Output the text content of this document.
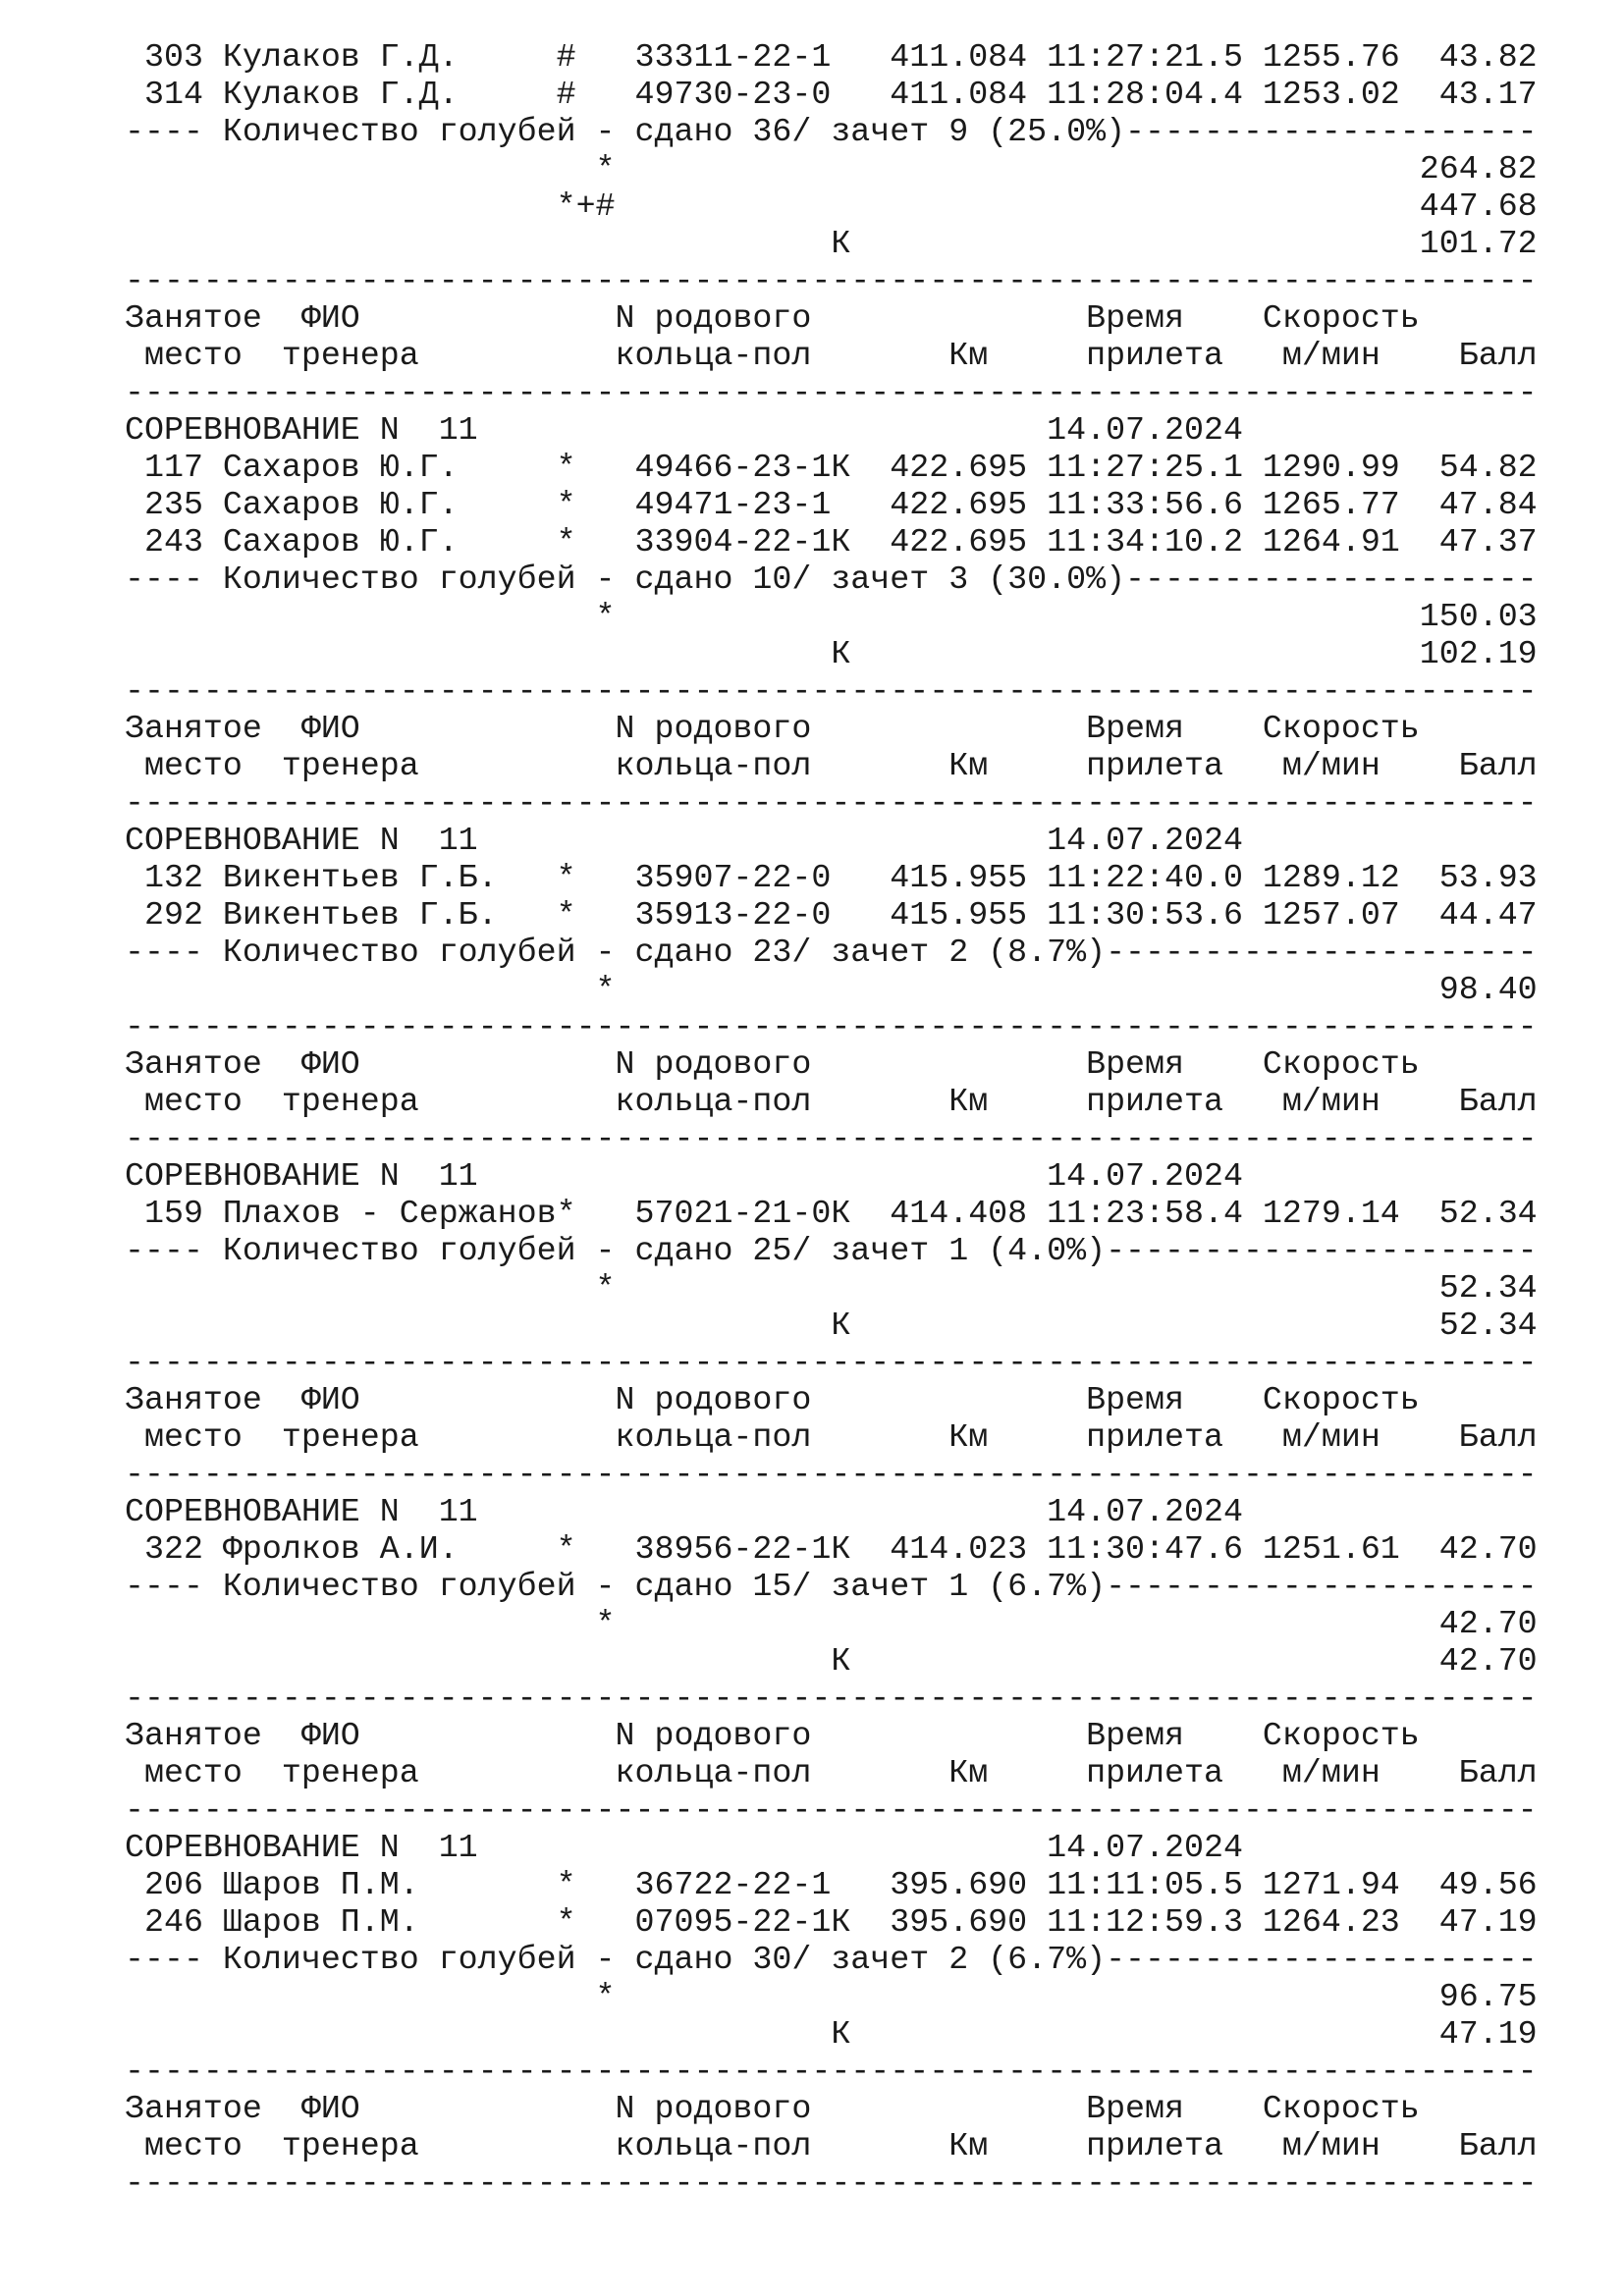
303 Кулаков Г.Д.     #   33311-22-1   411.084 11:27:21.5 1255.76  43.82
314 Кулаков Г.Д.     #   49730-23-0   411.084 11:28:04.4 1253.02  43.17
---- Количество голубей - сдано 36/ зачет 9 (25.0%)---------------------
*                                         264.82
*+#                                         447.68
К                             101.72
------------------------------------------------------------------------
Занятое  ФИО             N родового              Время    Скорость
место  тренера          кольца-пол       Км     прилета   м/мин    Балл
------------------------------------------------------------------------
СОРЕВНОВАНИЕ N  11                             14.07.2024
117 Сахаров Ю.Г.     *   49466-23-1К  422.695 11:27:25.1 1290.99  54.82
235 Сахаров Ю.Г.     *   49471-23-1   422.695 11:33:56.6 1265.77  47.84
243 Сахаров Ю.Г.     *   33904-22-1К  422.695 11:34:10.2 1264.91  47.37
---- Количество голубей - сдано 10/ зачет 3 (30.0%)---------------------
*                                         150.03
К                             102.19
------------------------------------------------------------------------
Занятое  ФИО             N родового              Время    Скорость
место  тренера          кольца-пол       Км     прилета   м/мин    Балл
------------------------------------------------------------------------
СОРЕВНОВАНИЕ N  11                             14.07.2024
132 Викентьев Г.Б.   *   35907-22-0   415.955 11:22:40.0 1289.12  53.93
292 Викентьев Г.Б.   *   35913-22-0   415.955 11:30:53.6 1257.07  44.47
---- Количество голубей - сдано 23/ зачет 2 (8.7%)----------------------
*                                          98.40
------------------------------------------------------------------------
Занятое  ФИО             N родового              Время    Скорость
место  тренера          кольца-пол       Км     прилета   м/мин    Балл
------------------------------------------------------------------------
СОРЕВНОВАНИЕ N  11                             14.07.2024
159 Плахов - Сержанов*   57021-21-0К  414.408 11:23:58.4 1279.14  52.34
---- Количество голубей - сдано 25/ зачет 1 (4.0%)----------------------
*                                          52.34
К                              52.34
------------------------------------------------------------------------
Занятое  ФИО             N родового              Время    Скорость
место  тренера          кольца-пол       Км     прилета   м/мин    Балл
------------------------------------------------------------------------
СОРЕВНОВАНИЕ N  11                             14.07.2024
322 Фролков А.И.     *   38956-22-1К  414.023 11:30:47.6 1251.61  42.70
---- Количество голубей - сдано 15/ зачет 1 (6.7%)----------------------
*                                          42.70
К                              42.70
------------------------------------------------------------------------
Занятое  ФИО             N родового              Время    Скорость
место  тренера          кольца-пол       Км     прилета   м/мин    Балл
------------------------------------------------------------------------
СОРЕВНОВАНИЕ N  11                             14.07.2024
206 Шаров П.М.       *   36722-22-1   395.690 11:11:05.5 1271.94  49.56
246 Шаров П.М.       *   07095-22-1К  395.690 11:12:59.3 1264.23  47.19
---- Количество голубей - сдано 30/ зачет 2 (6.7%)----------------------
*                                          96.75
К                              47.19
------------------------------------------------------------------------
Занятое  ФИО             N родового              Время    Скорость
место  тренера          кольца-пол       Км     прилета   м/мин    Балл
------------------------------------------------------------------------
